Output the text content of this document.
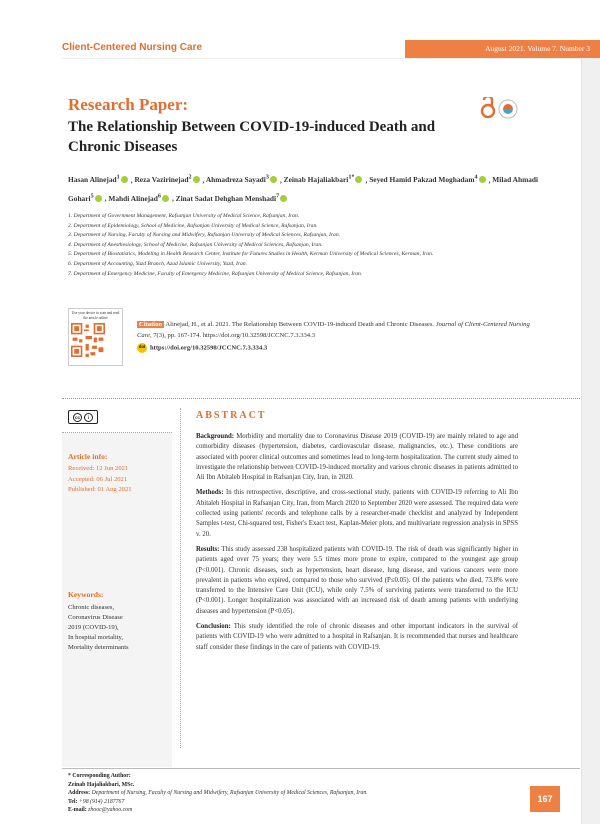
Client-Centered Nursing Care	August 2021. Volume 7. Number 3
Research Paper:
The Relationship Between COVID-19-induced Death and Chronic Diseases
Hasan Alinejad$^1$ , Reza Vazirinejad$^2$ , Ahmadreza Sayadi$^3$ , Zeinab Hajaliakbari$^{1*}$ , Seyed Hamid Pakzad Moghadam$^4$ , Milad Ahmadi Gohari$^5$ , Mahdi Alinejad$^6$ , Zinat Sadat Dehghan Menshadi$^7$
1. Department of Government Management, Rafsanjan University of Medical Science, Rafsanjan, Iran.
2. Department of Epidemiology, School of Medicine, Rafsanjan University of Medical Science, Rafsanjan, Iran.
3. Department of Nursing, Faculty of Nursing and Midwifery, Rafsanjan University of Medical Sciences, Rafsanjan, Iran.
4. Department of Anesthesiology, School of Medicine, Rafsanjan University of Medical Sciences, Rafsanjan, Iran.
5. Department of Biostatistics, Modeling in Health Research Center, Institute for Futures Studies in Health, Kerman University of Medical Sciences, Kerman, Iran.
6. Department of Accounting, Yazd Branch, Azad Islamic University, Yazd, Iran.
7. Department of Emergency Medicine, Faculty of Emergency Medicine, Rafsanjan University of Medical Science, Rafsanjan, Iran.
Use your device to scan and read the article online
Citation Alinejad, H., et al. 2021. The Relationship Between COVID-19-induced Death and Chronic Diseases. Journal of Client-Centered Nursing Care, 7(3), pp. 167-174. https://doi.org/10.32598/JCCNC.7.3.334.3
doi https://doi.org/10.32598/JCCNC.7.3.334.3
cc	i
Article info:
Received: 12 Jun 2021
Accepted: 06 Jul 2021
Published: 01 Aug 2021
Keywords:
Chronic diseases,
Coronavirus Disease
2019 (COVID-19),
In hospital mortality,
Mortality determinants
ABSTRACT

Background: Morbidity and mortality due to Coronavirus Disease 2019 (COVID-19) are mainly related to age and comorbidity diseases (hypertension, diabetes, cardiovascular disease, malignancies, etc.). These conditions are associated with poorer clinical outcomes and sometimes lead to long-term hospitalization. The current study aimed to investigate the relationship between COVID-19-induced mortality and various chronic diseases in patients admitted to Ali Ibn Abitaleb Hospital in Rafsanjan City, Iran, in 2020.

Methods: In this retrospective, descriptive, and cross-sectional study, patients with COVID-19 referring to Ali Ibn Abitaleb Hospital in Rafsanjan City, Iran, from March 2020 to September 2020 were assessed. The required data were collected using patients' records and telephone calls by a researcher-made checklist and analyzed by Independent Samples t-test, Chi-squared test, Fisher's Exact test, Kaplan-Meier plots, and multivariate regression analysis in SPSS v. 20.

Results: This study assessed 238 hospitalized patients with COVID-19. The risk of death was significantly higher in patients aged over 75 years; they were 5.5 times more prone to expire, compared to the youngest age group (P<0.001). Chronic diseases, such as hypertension, heart disease, lung disease, and various cancers were more prevalent in patients who expired, compared to those who survived (P≤0.05). Of the patients who died, 73.8% were transferred to the Intensive Care Unit (ICU), while only 7.5% of surviving patients were transferred to the ICU (P<0.001). Longer hospitalization was associated with an increased risk of death among patients with underlying diseases and hypertension (P<0.05).

Conclusion: This study identified the role of chronic diseases and other important indicators in the survival of patients with COVID-19 who were admitted to a hospital in Rafsanjan. It is recommended that nurses and healthcare staff consider these findings in the care of patients with COVID-19.

* Corresponding Author:
Zeinab Hajaliakbari, MSc.
Address: Department of Nursing, Faculty of Nursing and Midwifery, Rafsanjan University of Medical Sciences, Rafsanjan, Iran.
Tel: +98 (914) 2187767
E-mail: zhooc@yahoo.com
167
